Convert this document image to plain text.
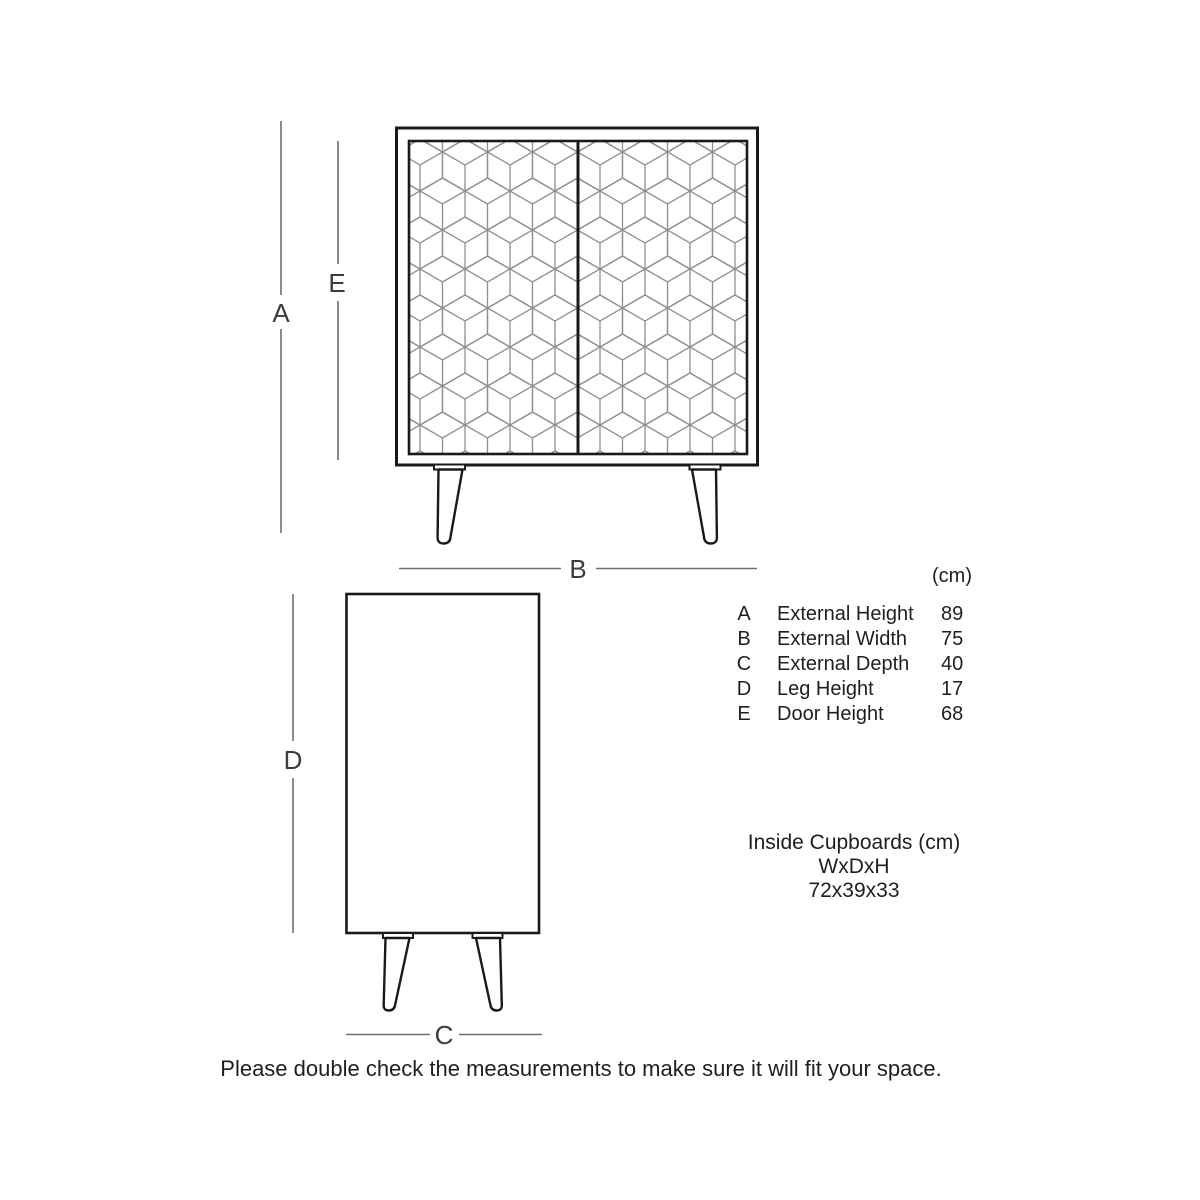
A
E
B
D
C
(cm)
A External Height 89
B External Width 75
C External Depth 40
D Leg Height	17
E Door Height	68
Inside Cupboards (cm)
WxDxH
72x39x33
Please double check the measurements to make sure it will fit your space.
